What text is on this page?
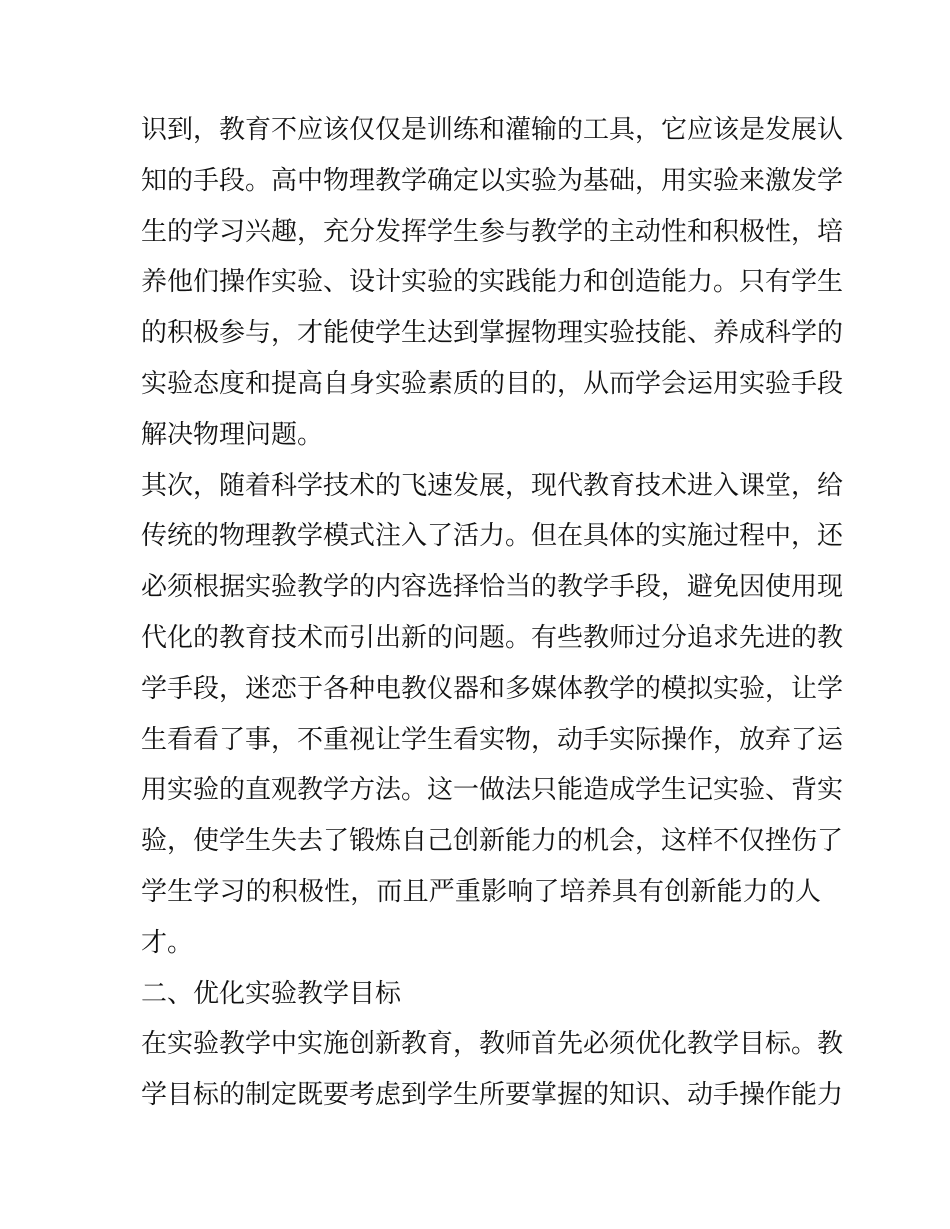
识到，教育不应该仅仅是训练和灌输的工具，它应该是发展认
知的手段。高中物理教学确定以实验为基础，用实验来激发学
生的学习兴趣，充分发挥学生参与教学的主动性和积极性，培
养他们操作实验、设计实验的实践能力和创造能力。只有学生
的积极参与，才能使学生达到掌握物理实验技能、养成科学的
实验态度和提高自身实验素质的目的，从而学会运用实验手段
解决物理问题。
其次，随着科学技术的飞速发展，现代教育技术进入课堂，给
传统的物理教学模式注入了活力。但在具体的实施过程中，还
必须根据实验教学的内容选择恰当的教学手段，避免因使用现
代化的教育技术而引出新的问题。有些教师过分追求先进的教
学手段，迷恋于各种电教仪器和多媒体教学的模拟实验，让学
生看看了事，不重视让学生看实物，动手实际操作，放弃了运
用实验的直观教学方法。这一做法只能造成学生记实验、背实
验，使学生失去了锻炼自己创新能力的机会，这样不仅挫伤了
学生学习的积极性，而且严重影响了培养具有创新能力的人
才。
二、优化实验教学目标
在实验教学中实施创新教育，教师首先必须优化教学目标。教
学目标的制定既要考虑到学生所要掌握的知识、动手操作能力
